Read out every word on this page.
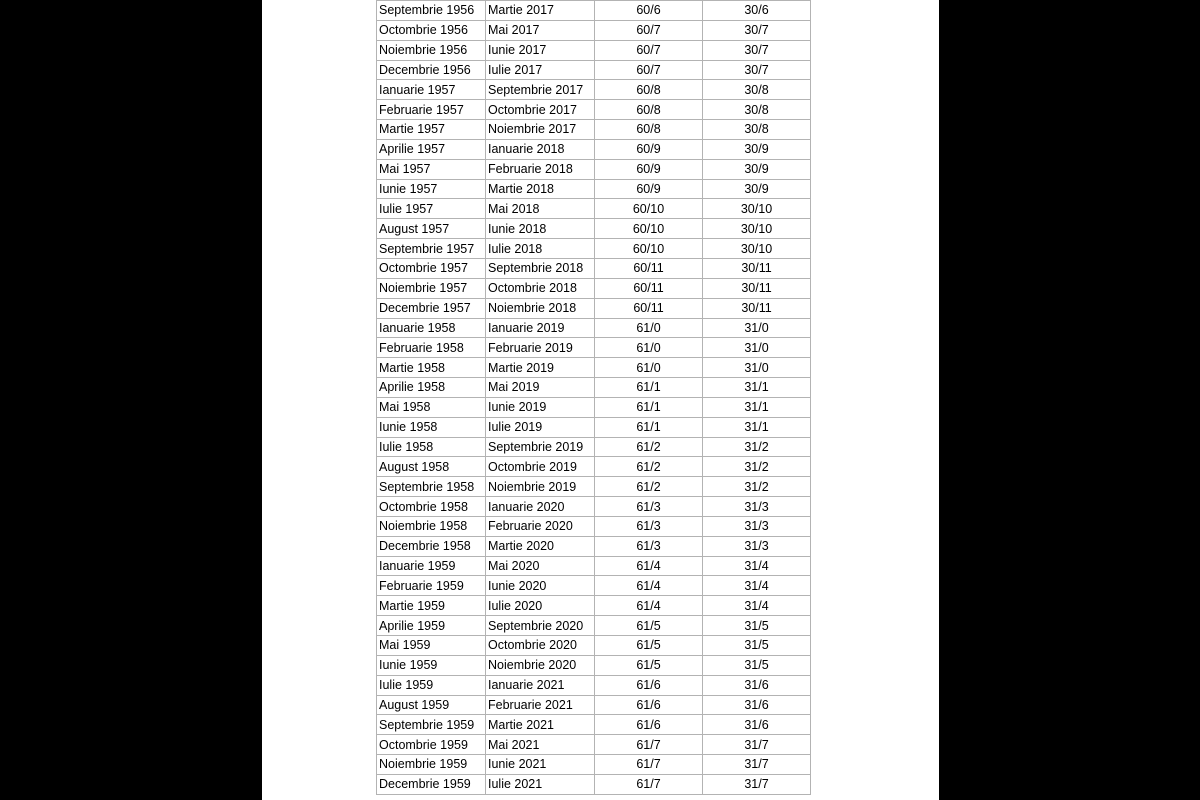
Septembrie 1956	Martie 2017	60/6	30/6
Octombrie 1956	Mai 2017	60/7	30/7
Noiembrie 1956	Iunie 2017	60/7	30/7
Decembrie 1956	Iulie 2017	60/7	30/7
Ianuarie 1957	Septembrie 2017	60/8	30/8
Februarie 1957	Octombrie 2017	60/8	30/8
Martie 1957	Noiembrie 2017	60/8	30/8
Aprilie 1957	Ianuarie 2018	60/9	30/9
Mai 1957	Februarie 2018	60/9	30/9
Iunie 1957	Martie 2018	60/9	30/9
Iulie 1957	Mai 2018	60/10	30/10
August 1957	Iunie 2018	60/10	30/10
Septembrie 1957	Iulie 2018	60/10	30/10
Octombrie 1957	Septembrie 2018	60/11	30/11
Noiembrie 1957	Octombrie 2018	60/11	30/11
Decembrie 1957	Noiembrie 2018	60/11	30/11
Ianuarie 1958	Ianuarie 2019	61/0	31/0
Februarie 1958	Februarie 2019	61/0	31/0
Martie 1958	Martie 2019	61/0	31/0
Aprilie 1958	Mai 2019	61/1	31/1
Mai 1958	Iunie 2019	61/1	31/1
Iunie 1958	Iulie 2019	61/1	31/1
Iulie 1958	Septembrie 2019	61/2	31/2
August 1958	Octombrie 2019	61/2	31/2
Septembrie 1958	Noiembrie 2019	61/2	31/2
Octombrie 1958	Ianuarie 2020	61/3	31/3
Noiembrie 1958	Februarie 2020	61/3	31/3
Decembrie 1958	Martie 2020	61/3	31/3
Ianuarie 1959	Mai 2020	61/4	31/4
Februarie 1959	Iunie 2020	61/4	31/4
Martie 1959	Iulie 2020	61/4	31/4
Aprilie 1959	Septembrie 2020	61/5	31/5
Mai 1959	Octombrie 2020	61/5	31/5
Iunie 1959	Noiembrie 2020	61/5	31/5
Iulie 1959	Ianuarie 2021	61/6	31/6
August 1959	Februarie 2021	61/6	31/6
Septembrie 1959	Martie 2021	61/6	31/6
Octombrie 1959	Mai 2021	61/7	31/7
Noiembrie 1959	Iunie 2021	61/7	31/7
Decembrie 1959	Iulie 2021	61/7	31/7
